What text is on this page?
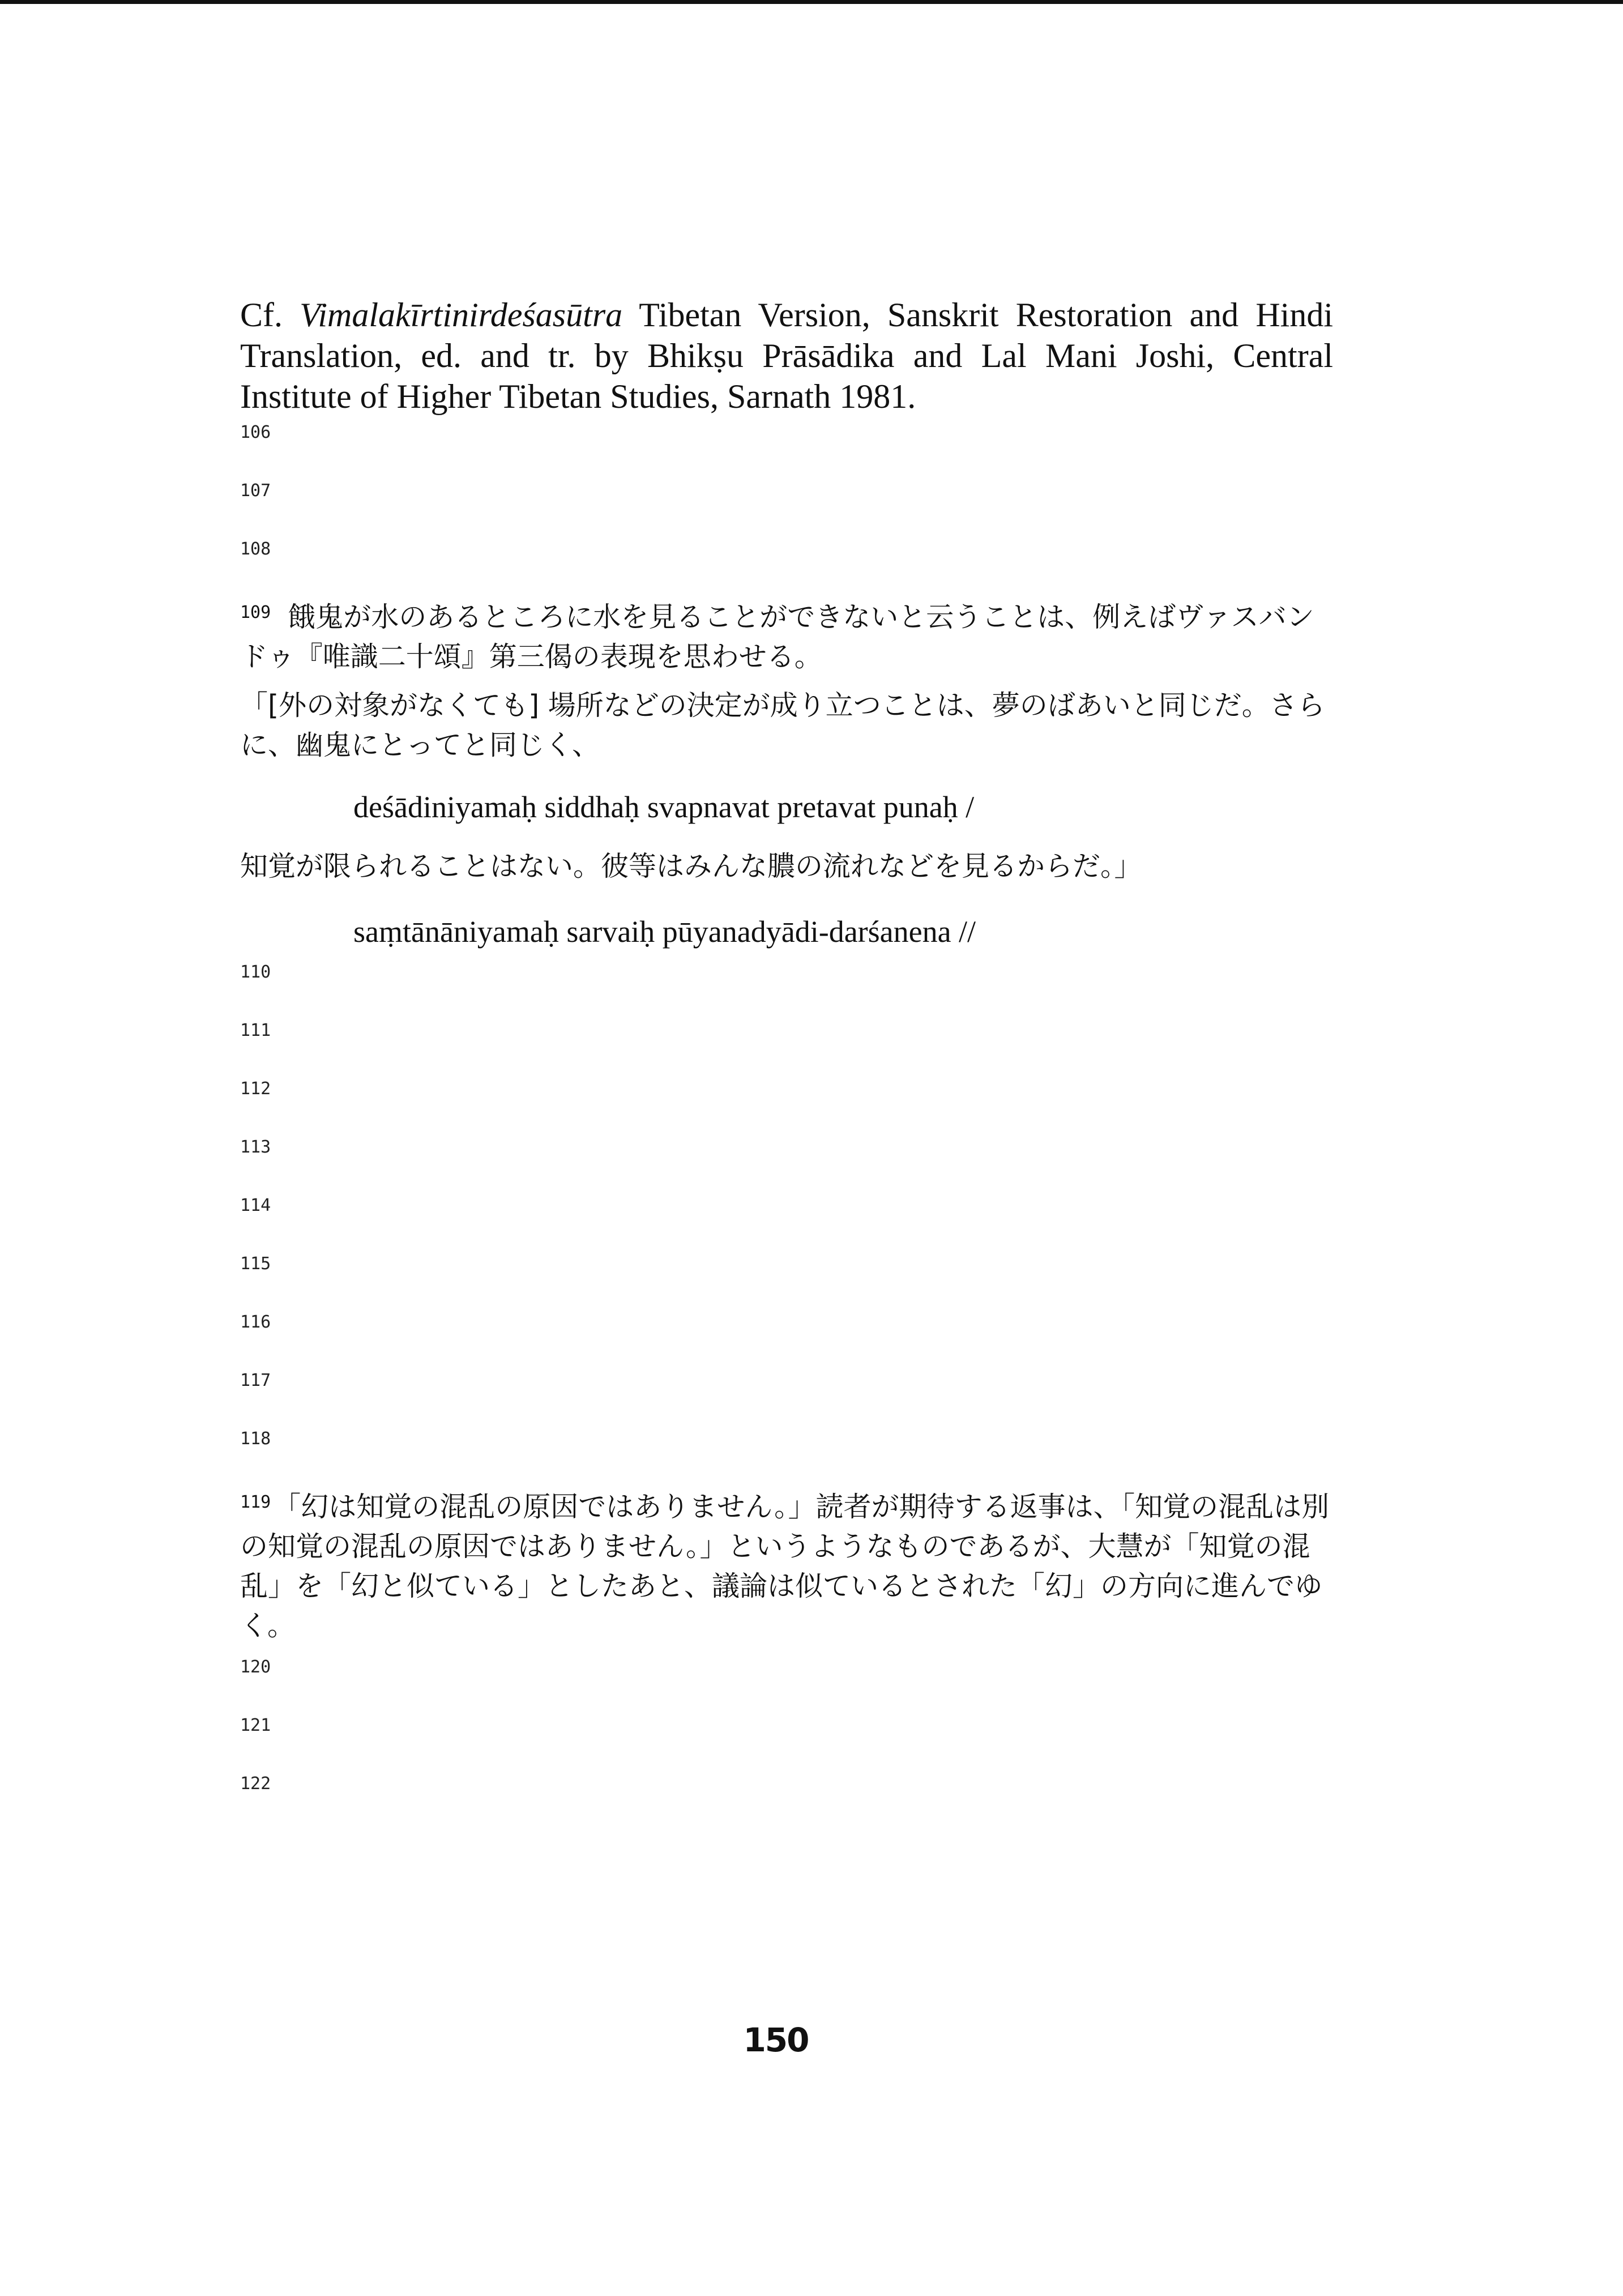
Cf. Vimalakīrtinirdeśasūtra Tibetan Version, Sanskrit Restoration and Hindi Translation, ed. and tr. by Bhikṣu Prāsādika and Lal Mani Joshi, Central Institute of Higher Tibetan Studies, Sarnath 1981.

106
107
108

$^{109}$ 餓鬼が水のあるところに水を見ることができないと云うことは、例えばヴァスバンドゥ『唯識二十頌』第三偈の表現を思わせる。

「[外の対象がなくても] 場所などの決定が成り立つことは、夢のばあいと同じだ。さらに、幽鬼にとってと同じく、

deśādiniyamaḥ siddhaḥ svapnavat pretavat punaḥ /

知覚が限られることはない。彼等はみんな膿の流れなどを見るからだ。」

saṃtānāniyamaḥ sarvaiḥ pūyanadyādi-darśanena //

110
111
112
113
114
115
116
117
118

$^{119}$「幻は知覚の混乱の原因ではありません。」読者が期待する返事は、「知覚の混乱は別の知覚の混乱の原因ではありません。」というようなものであるが、大慧が「知覚の混乱」を「幻と似ている」としたあと、議論は似ているとされた「幻」の方向に進んでゆく。

120
121
122
150
